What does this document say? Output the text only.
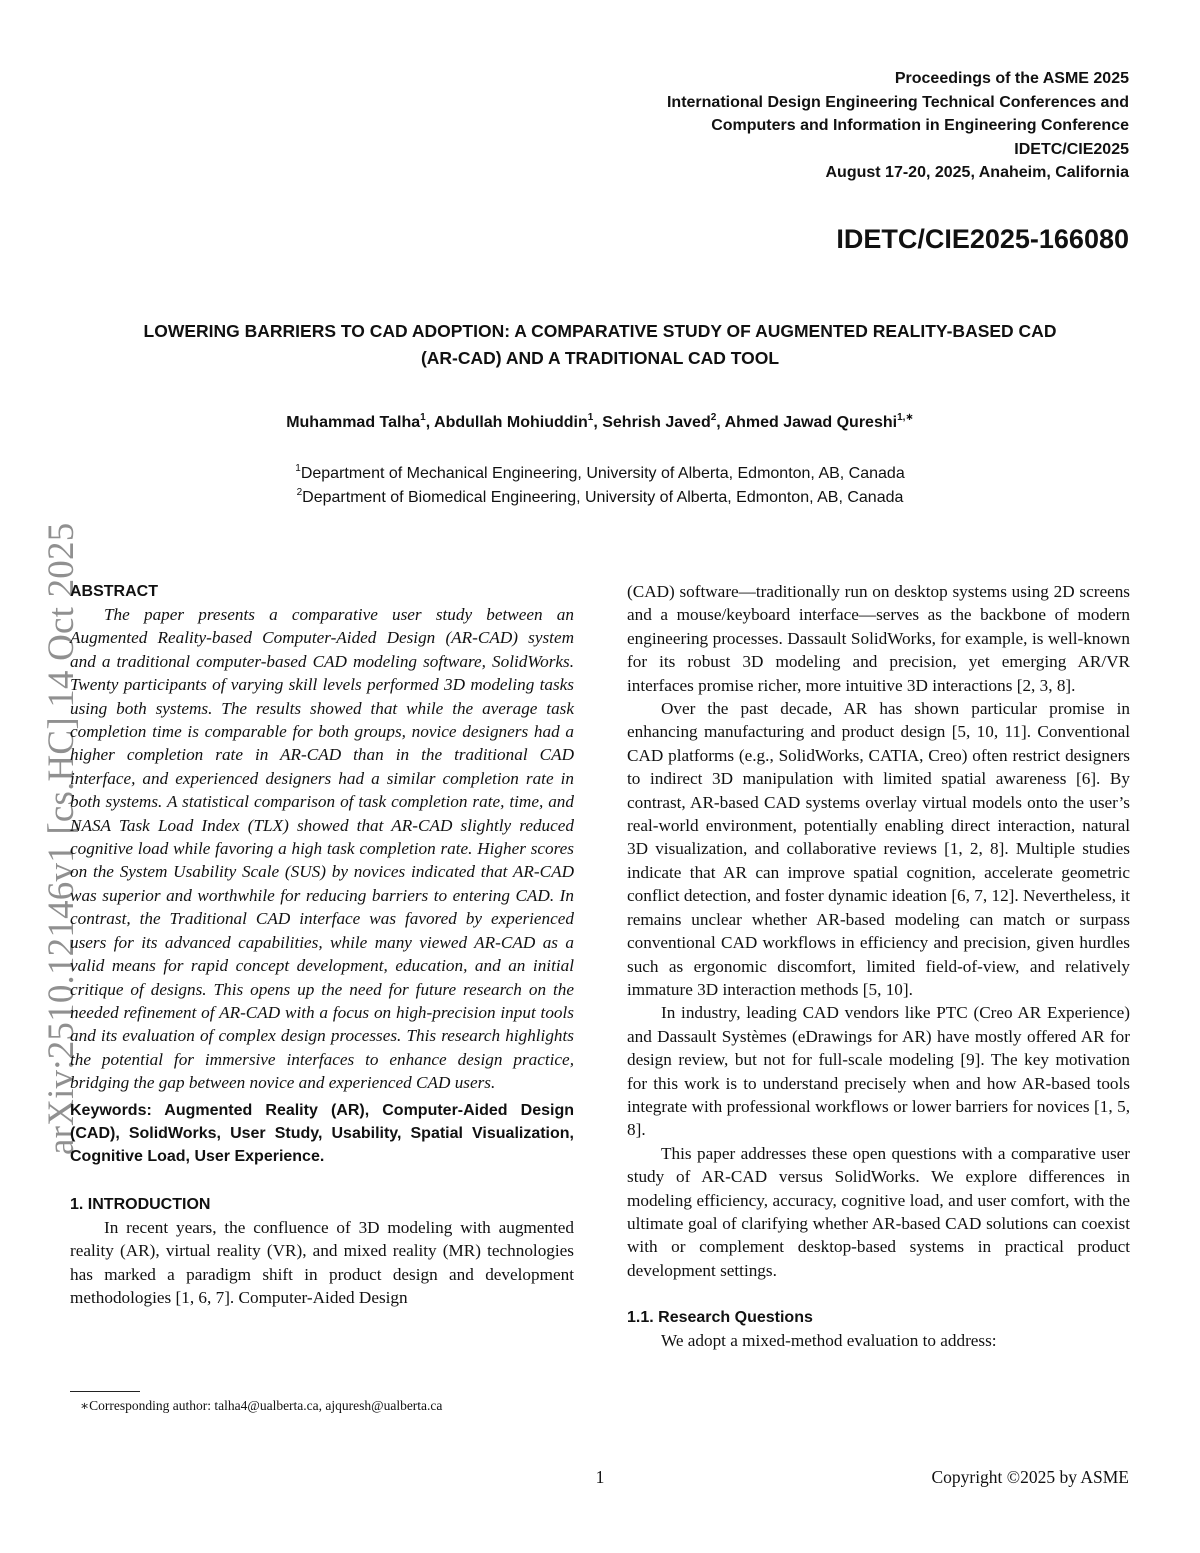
Proceedings of the ASME 2025
International Design Engineering Technical Conferences and
Computers and Information in Engineering Conference
IDETC/CIE2025
August 17-20, 2025, Anaheim, California
IDETC/CIE2025-166080
LOWERING BARRIERS TO CAD ADOPTION: A COMPARATIVE STUDY OF AUGMENTED REALITY-BASED CAD
(AR-CAD) AND A TRADITIONAL CAD TOOL
Muhammad Talha$^1$, Abdullah Mohiuddin$^1$, Sehrish Javed$^2$, Ahmed Jawad Qureshi$^{1,∗}$
$^1$Department of Mechanical Engineering, University of Alberta, Edmonton, AB, Canada
$^2$Department of Biomedical Engineering, University of Alberta, Edmonton, AB, Canada
arXiv:2510.12146v1 [cs.HC] 14 Oct 2025
ABSTRACT

The paper presents a comparative user study between an Augmented Reality-based Computer-Aided Design (AR-CAD) system and a traditional computer-based CAD modeling software, SolidWorks. Twenty participants of varying skill levels performed 3D modeling tasks using both systems. The results showed that while the average task completion time is comparable for both groups, novice designers had a higher completion rate in AR-CAD than in the traditional CAD interface, and experienced designers had a similar completion rate in both systems. A statistical comparison of task completion rate, time, and NASA Task Load Index (TLX) showed that AR-CAD slightly reduced cognitive load while favoring a high task completion rate. Higher scores on the System Usability Scale (SUS) by novices indicated that AR-CAD was superior and worthwhile for reducing barriers to entering CAD. In contrast, the Traditional CAD interface was favored by experienced users for its advanced capabilities, while many viewed AR-CAD as a valid means for rapid concept development, education, and an initial critique of designs. This opens up the need for future research on the needed refinement of AR-CAD with a focus on high-precision input tools and its evaluation of complex design processes. This research highlights the potential for immersive interfaces to enhance design practice, bridging the gap between novice and experienced CAD users.

Keywords: Augmented Reality (AR), Computer-Aided Design (CAD), SolidWorks, User Study, Usability, Spatial Visualization, Cognitive Load, User Experience.
1. INTRODUCTION

In recent years, the confluence of 3D modeling with augmented reality (AR), virtual reality (VR), and mixed reality (MR) technologies has marked a paradigm shift in product design and development methodologies [1, 6, 7]. Computer-Aided Design

(CAD) software—traditionally run on desktop systems using 2D screens and a mouse/keyboard interface—serves as the backbone of modern engineering processes. Dassault SolidWorks, for example, is well-known for its robust 3D modeling and precision, yet emerging AR/VR interfaces promise richer, more intuitive 3D interactions [2, 3, 8].

Over the past decade, AR has shown particular promise in enhancing manufacturing and product design [5, 10, 11]. Conventional CAD platforms (e.g., SolidWorks, CATIA, Creo) often restrict designers to indirect 3D manipulation with limited spatial awareness [6]. By contrast, AR-based CAD systems overlay virtual models onto the user’s real-world environment, potentially enabling direct interaction, natural 3D visualization, and collaborative reviews [1, 2, 8]. Multiple studies indicate that AR can improve spatial cognition, accelerate geometric conflict detection, and foster dynamic ideation [6, 7, 12]. Nevertheless, it remains unclear whether AR-based modeling can match or surpass conventional CAD workflows in efficiency and precision, given hurdles such as ergonomic discomfort, limited field-of-view, and relatively immature 3D interaction methods [5, 10].

In industry, leading CAD vendors like PTC (Creo AR Experience) and Dassault Systèmes (eDrawings for AR) have mostly offered AR for design review, but not for full-scale modeling [9]. The key motivation for this work is to understand precisely when and how AR-based tools integrate with professional workflows or lower barriers for novices [1, 5, 8].

This paper addresses these open questions with a comparative user study of AR-CAD versus SolidWorks. We explore differences in modeling efficiency, accuracy, cognitive load, and user comfort, with the ultimate goal of clarifying whether AR-based CAD solutions can coexist with or complement desktop-based systems in practical product development settings.

1.1. Research Questions

We adopt a mixed-method evaluation to address:

∗Corresponding author: talha4@ualberta.ca, ajquresh@ualberta.ca
1	Copyright ©2025 by ASME
